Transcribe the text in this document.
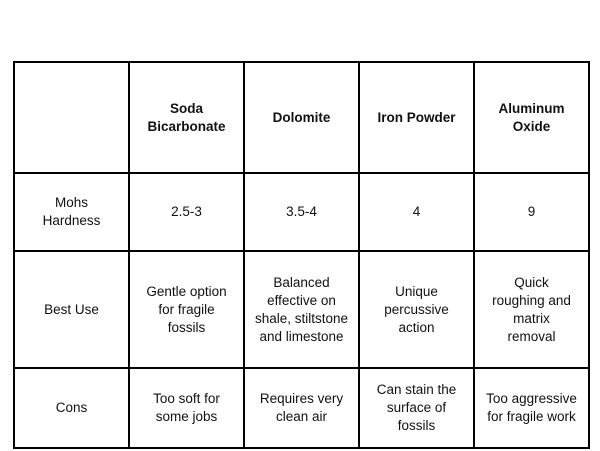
	Soda Bicarbonate	Dolomite	Iron Powder	Aluminum Oxide
Mohs Hardness	2.5-3	3.5-4	4	9
Best Use	Gentle option for fragile fossils	Balanced effective on shale, stiltstone and limestone	Unique percussive action	Quick roughing and matrix removal
Cons	Too soft for some jobs	Requires very clean air	Can stain the surface of fossils	Too aggressive for fragile work
